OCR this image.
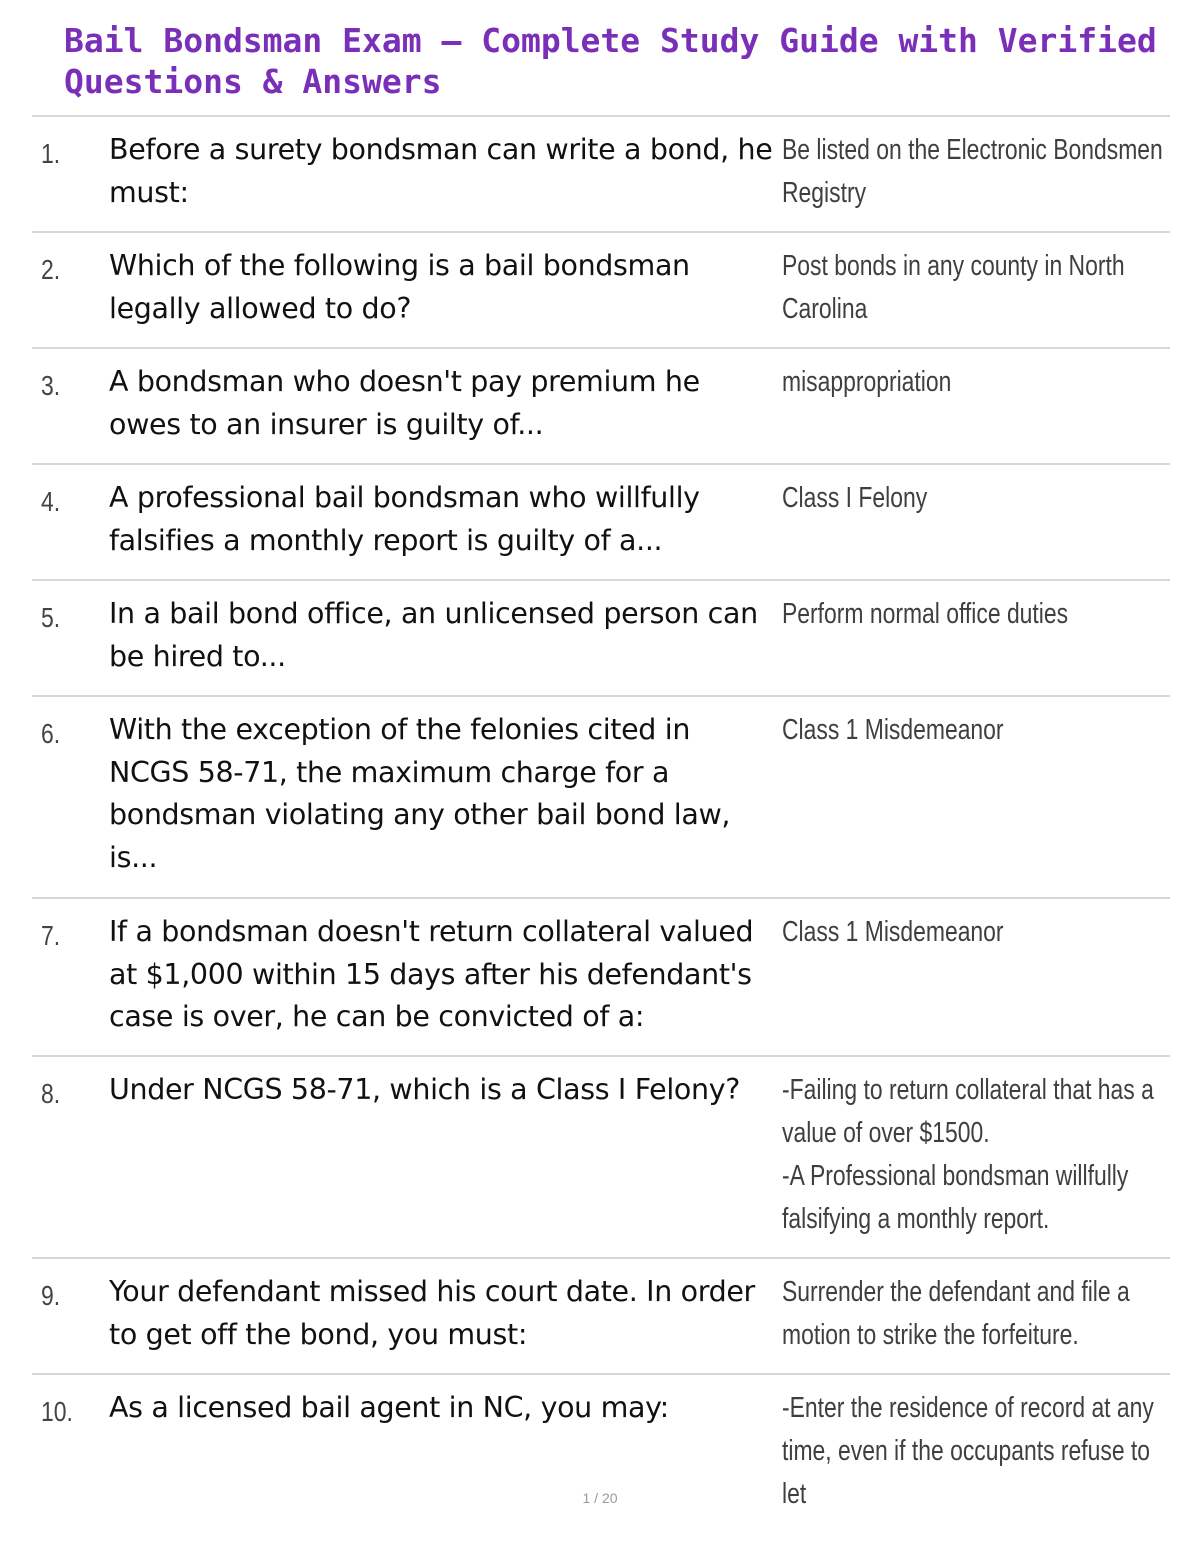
Bail Bondsman Exam – Complete Study Guide with Verified Questions & Answers
1. Before a surety bondsman can write a bond, he must:
Be listed on the Electronic Bondsmen Registry
2. Which of the following is a bail bondsman legally allowed to do?
Post bonds in any county in North Carolina
3. A bondsman who doesn't pay premium he owes to an insurer is guilty of...
misappropriation
4. A professional bail bondsman who willfully falsifies a monthly report is guilty of a...
Class I Felony
5. In a bail bond office, an unlicensed person can be hired to...
Perform normal office duties
6. With the exception of the felonies cited in NCGS 58-71, the maximum charge for a bondsman violating any other bail bond law, is...
Class 1 Misdemeanor
7. If a bondsman doesn't return collateral valued at $1,000 within 15 days after his defendant's case is over, he can be convicted of a:
Class 1 Misdemeanor
8. Under NCGS 58-71, which is a Class I Felony?	-Failing to return collateral that has a value of over $1500.
-A Professional bondsman willfully falsifying a monthly report.
9. Your defendant missed his court date. In order to get off the bond, you must:
Surrender the defendant and file a motion to strike the forfeiture.
10. As a licensed bail agent in NC, you may:	-Enter the residence of record at any time, even if the occupants refuse to let
1 / 20
